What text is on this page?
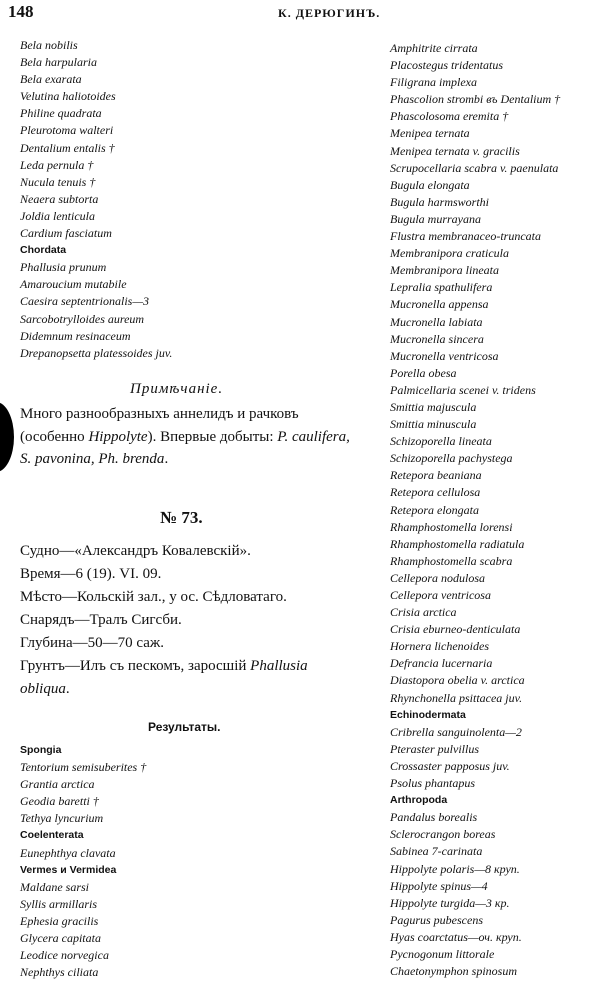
148	К. ДЕРЮГИНЪ.
Bela nobilis
Bela harpularia
Bela exarata
Velutina haliotoides
Philine quadrata
Pleurotoma walteri
Dentalium entalis †
Leda pernula †
Nucula tenuis †
Neaera subtorta
Joldia lenticula
Cardium fasciatum
Chordata
Phallusia prunum
Amaroucium mutabile
Caesira septentrionalis—3
Sarcobotrylloides aureum
Didemnum resinaceum
Drepanopsetta platessoides juv.
Примѣчаніе.
Много разнообразныхъ аннелидъ и рачковъ (особенно Hippolyte). Впервые добыты: P. caulifera, S. pavonina, Ph. brenda.
№ 73.
Судно—«Александръ Ковалевскій».
Время—6 (19). VI. 09.
Мѣсто—Кольскій зал., у ос. Сѣдловатаго.
Снарядъ—Тралъ Сигсби.
Глубина—50—70 саж.
Грунтъ—Илъ съ пескомъ, заросшій Phallusia obliqua.
Результаты.
Spongia
Tentorium semisuberites †
Grantia arctica
Geodia baretti †
Tethya lyncurium
Coelenterata
Eunephthya clavata
Vermes и Vermidea
Maldane sarsi
Syllis armillaris
Ephesia gracilis
Glycera capitata
Leodice norvegica
Nephthys ciliata
Amphitrite cirrata
Placostegus tridentatus
Filigrana implexa
Phascolion strombi въ Dentalium †
Phascolosoma eremita †
Menipea ternata
Menipea ternata v. gracilis
Scrupocellaria scabra v. paenulata
Bugula elongata
Bugula harmsworthi
Bugula murrayana
Flustra membranaceo-truncata
Membranipora craticula
Membranipora lineata
Lepralia spathulifera
Mucronella appensa
Mucronella labiata
Mucronella sincera
Mucronella ventricosa
Porella obesa
Palmicellaria sceneі v. tridens
Smittia majuscula
Smittia minuscula
Schizoporella lineata
Schizoporella pachystega
Retepora beaniana
Retepora cellulosa
Retepora elongata
Rhamphostomella lorensi
Rhamphostomella radiatula
Rhamphostomella scabra
Cellepora nodulosa
Cellepora ventricosa
Crisia arctica
Crisia eburneo-denticulata
Hornera lichenoides
Defrancia lucernaria
Diastopora obelia v. arctica
Rhynchonella psittacea juv.
Echinodermata
Cribrella sanguinolenta—2
Pteraster pulvillus
Crossaster papposus juv.
Psolus phantapus
Arthropoda
Pandalus borealis
Sclerocrangon boreas
Sabinea 7-carinata
Hippolyte polaris—8 круп.
Hippolyte spinus—4
Hippolyte turgida—3 кр.
Pagurus pubescens
Hyas coarctatus—оч. круп.
Pycnogonum littorale
Chaetonymphon spinosum
